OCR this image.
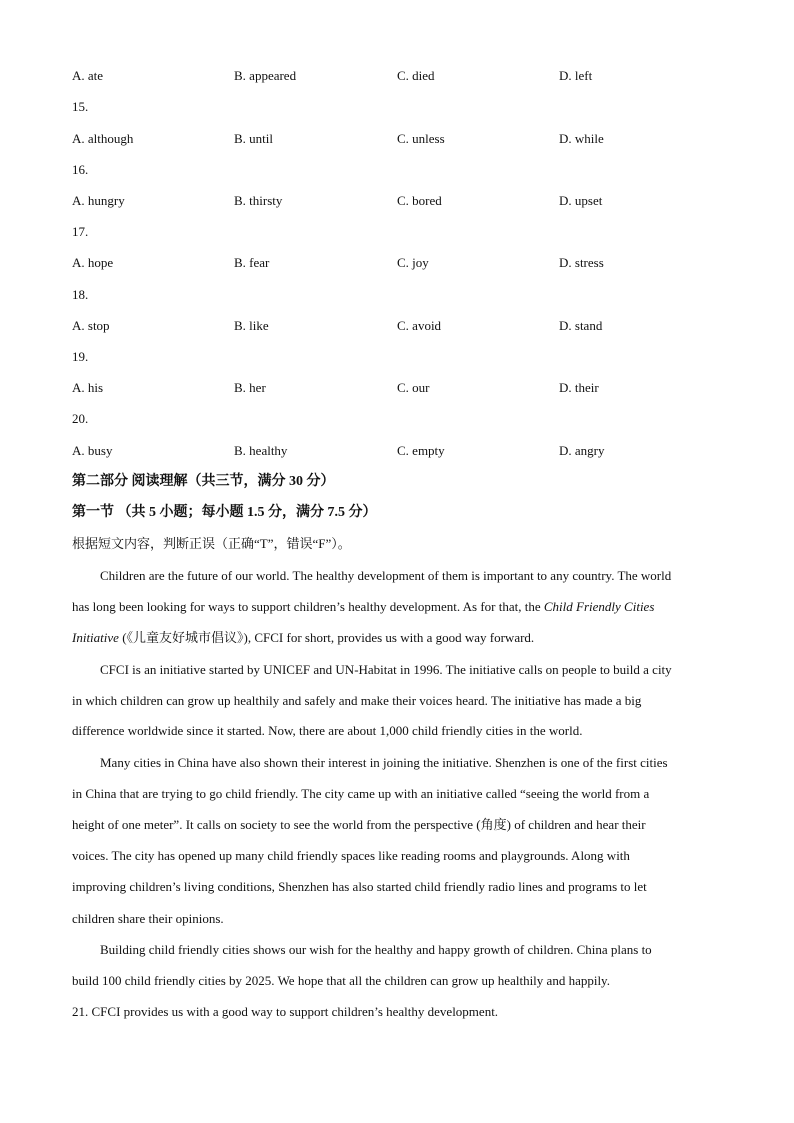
A. ate	B. appeared	C. died	D. left
15.
A. although	B. until	C. unless	D. while
16.
A. hungry	B. thirsty	C. bored	D. upset
17.
A. hope	B. fear	C. joy	D. stress
18.
A. stop	B. like	C. avoid	D. stand
19.
A. his	B. her	C. our	D. their
20.
A. busy	B. healthy	C. empty	D. angry
第二部分 阅读理解（共三节，满分 30 分）
第一节 （共 5 小题；每小题 1.5 分，满分 7.5 分）
根据短文内容，判断正误（正确“T”，错误“F”）。
Children are the future of our world. The healthy development of them is important to any country. The world
has long been looking for ways to support children’s healthy development. As for that, the Child Friendly Cities
Initiative (《儿童友好城市倡议》), CFCI for short, provides us with a good way forward.
CFCI is an initiative started by UNICEF and UN-Habitat in 1996. The initiative calls on people to build a city
in which children can grow up healthily and safely and make their voices heard. The initiative has made a big
difference worldwide since it started. Now, there are about 1,000 child friendly cities in the world.
Many cities in China have also shown their interest in joining the initiative. Shenzhen is one of the first cities
in China that are trying to go child friendly. The city came up with an initiative called “seeing the world from a
height of one meter”. It calls on society to see the world from the perspective (角度) of children and hear their
voices. The city has opened up many child friendly spaces like reading rooms and playgrounds. Along with
improving children’s living conditions, Shenzhen has also started child friendly radio lines and programs to let
children share their opinions.
Building child friendly cities shows our wish for the healthy and happy growth of children. China plans to
build 100 child friendly cities by 2025. We hope that all the children can grow up healthily and happily.
21. CFCI provides us with a good way to support children’s healthy development.
